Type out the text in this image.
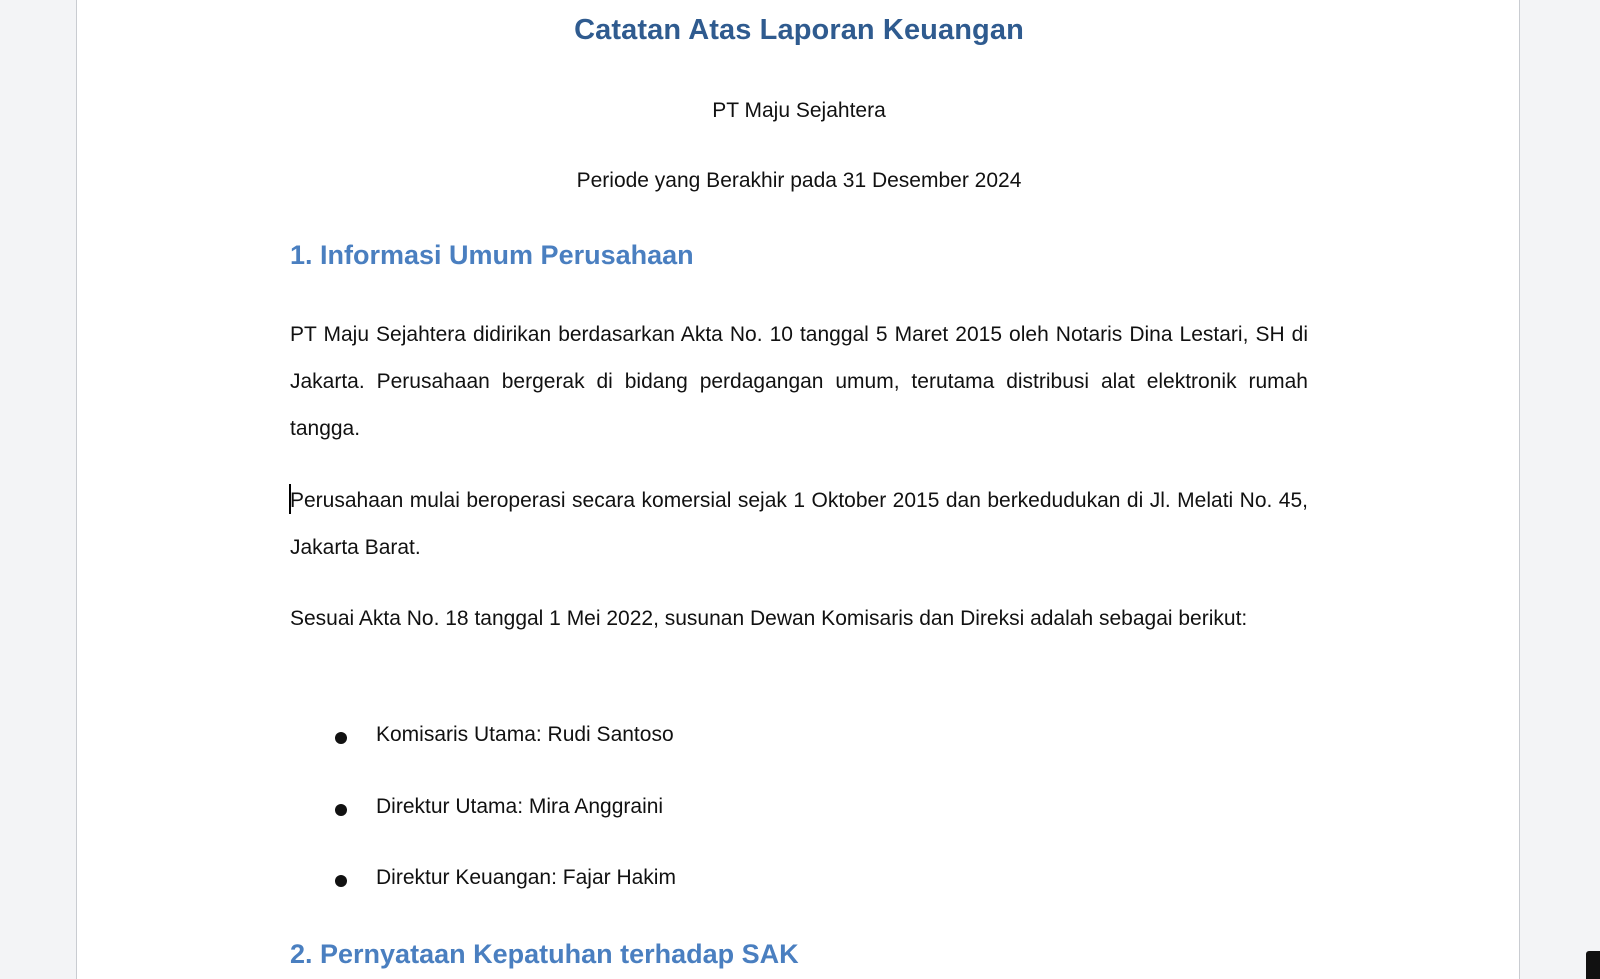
Catatan Atas Laporan Keuangan
PT Maju Sejahtera
Periode yang Berakhir pada 31 Desember 2024
1. Informasi Umum Perusahaan
PT Maju Sejahtera didirikan berdasarkan Akta No. 10 tanggal 5 Maret 2015 oleh Notaris Dina Lestari, SH di Jakarta. Perusahaan bergerak di bidang perdagangan umum, terutama distribusi alat elektronik rumah tangga.
Perusahaan mulai beroperasi secara komersial sejak 1 Oktober 2015 dan berkedudukan di Jl. Melati No. 45, Jakarta Barat.
Sesuai Akta No. 18 tanggal 1 Mei 2022, susunan Dewan Komisaris dan Direksi adalah sebagai berikut:
Komisaris Utama: Rudi Santoso
Direktur Utama: Mira Anggraini
Direktur Keuangan: Fajar Hakim
2. Pernyataan Kepatuhan terhadap SAK
